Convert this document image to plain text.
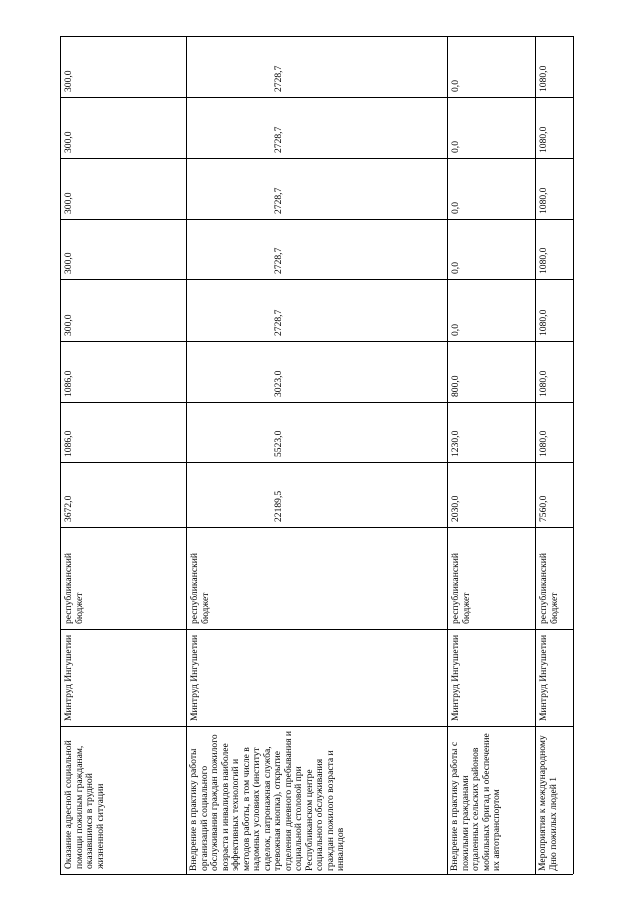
Оказание адресной социальной помощи пожилым гражданам, оказавшимся в трудной жизненной ситуации
Минтруд Ингушетии
республиканский бюджет
3672,0
1086,0
1086,0
300,0
300,0
300,0
300,0
300,0
Внедрение в практику работы организаций социального обслуживания граждан пожилого возраста и инвалидов наиболее эффективных технологий и методов работы, в том числе в надомных условиях (институт сиделок, патронажная служба, тревожная кнопка), открытие отделения дневного пребывания и социальной столовой при Республиканском центре социального обслуживания граждан пожилого возраста и инвалидов
Минтруд Ингушетии
республиканский бюджет
22189,5
5523,0
3023,0
2728,7
2728,7
2728,7
2728,7
2728,7
Внедрение в практику работы с пожилыми гражданами отдаленных сельских районов мобильных бригад и обеспечение их автотранспортом
Минтруд Ингушетии
республиканский бюджет
2030,0
1230,0
800,0
0,0
0,0
0,0
0,0
0,0
Мероприятия к международному Дню пожилых людей 1
Минтруд Ингушетии
республиканский бюджет
7560,0
1080,0
1080,0
1080,0
1080,0
1080,0
1080,0
1080,0
